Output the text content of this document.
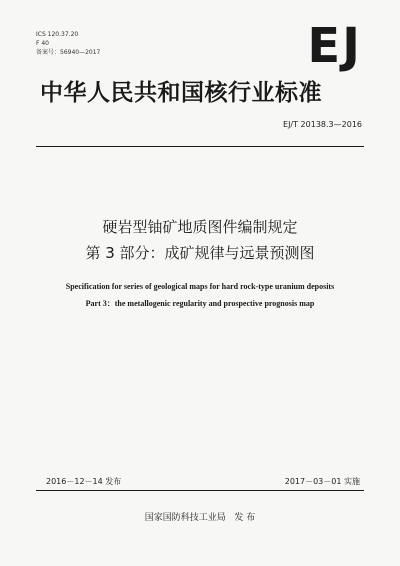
ICS 120.37.20
F 40
备案号：56940—2017	EJ
中华人民共和国核行业标准
EJ/T 20138.3—2016
硬岩型铀矿地质图件编制规定
第 3 部分：成矿规律与远景预测图
Specification for series of geological maps for hard rock-type uranium deposits
Part 3：the metallogenic regularity and prospective prognosis map
2016－12－14 发布	2017－03－01 实施
国家国防科技工业局   发 布
